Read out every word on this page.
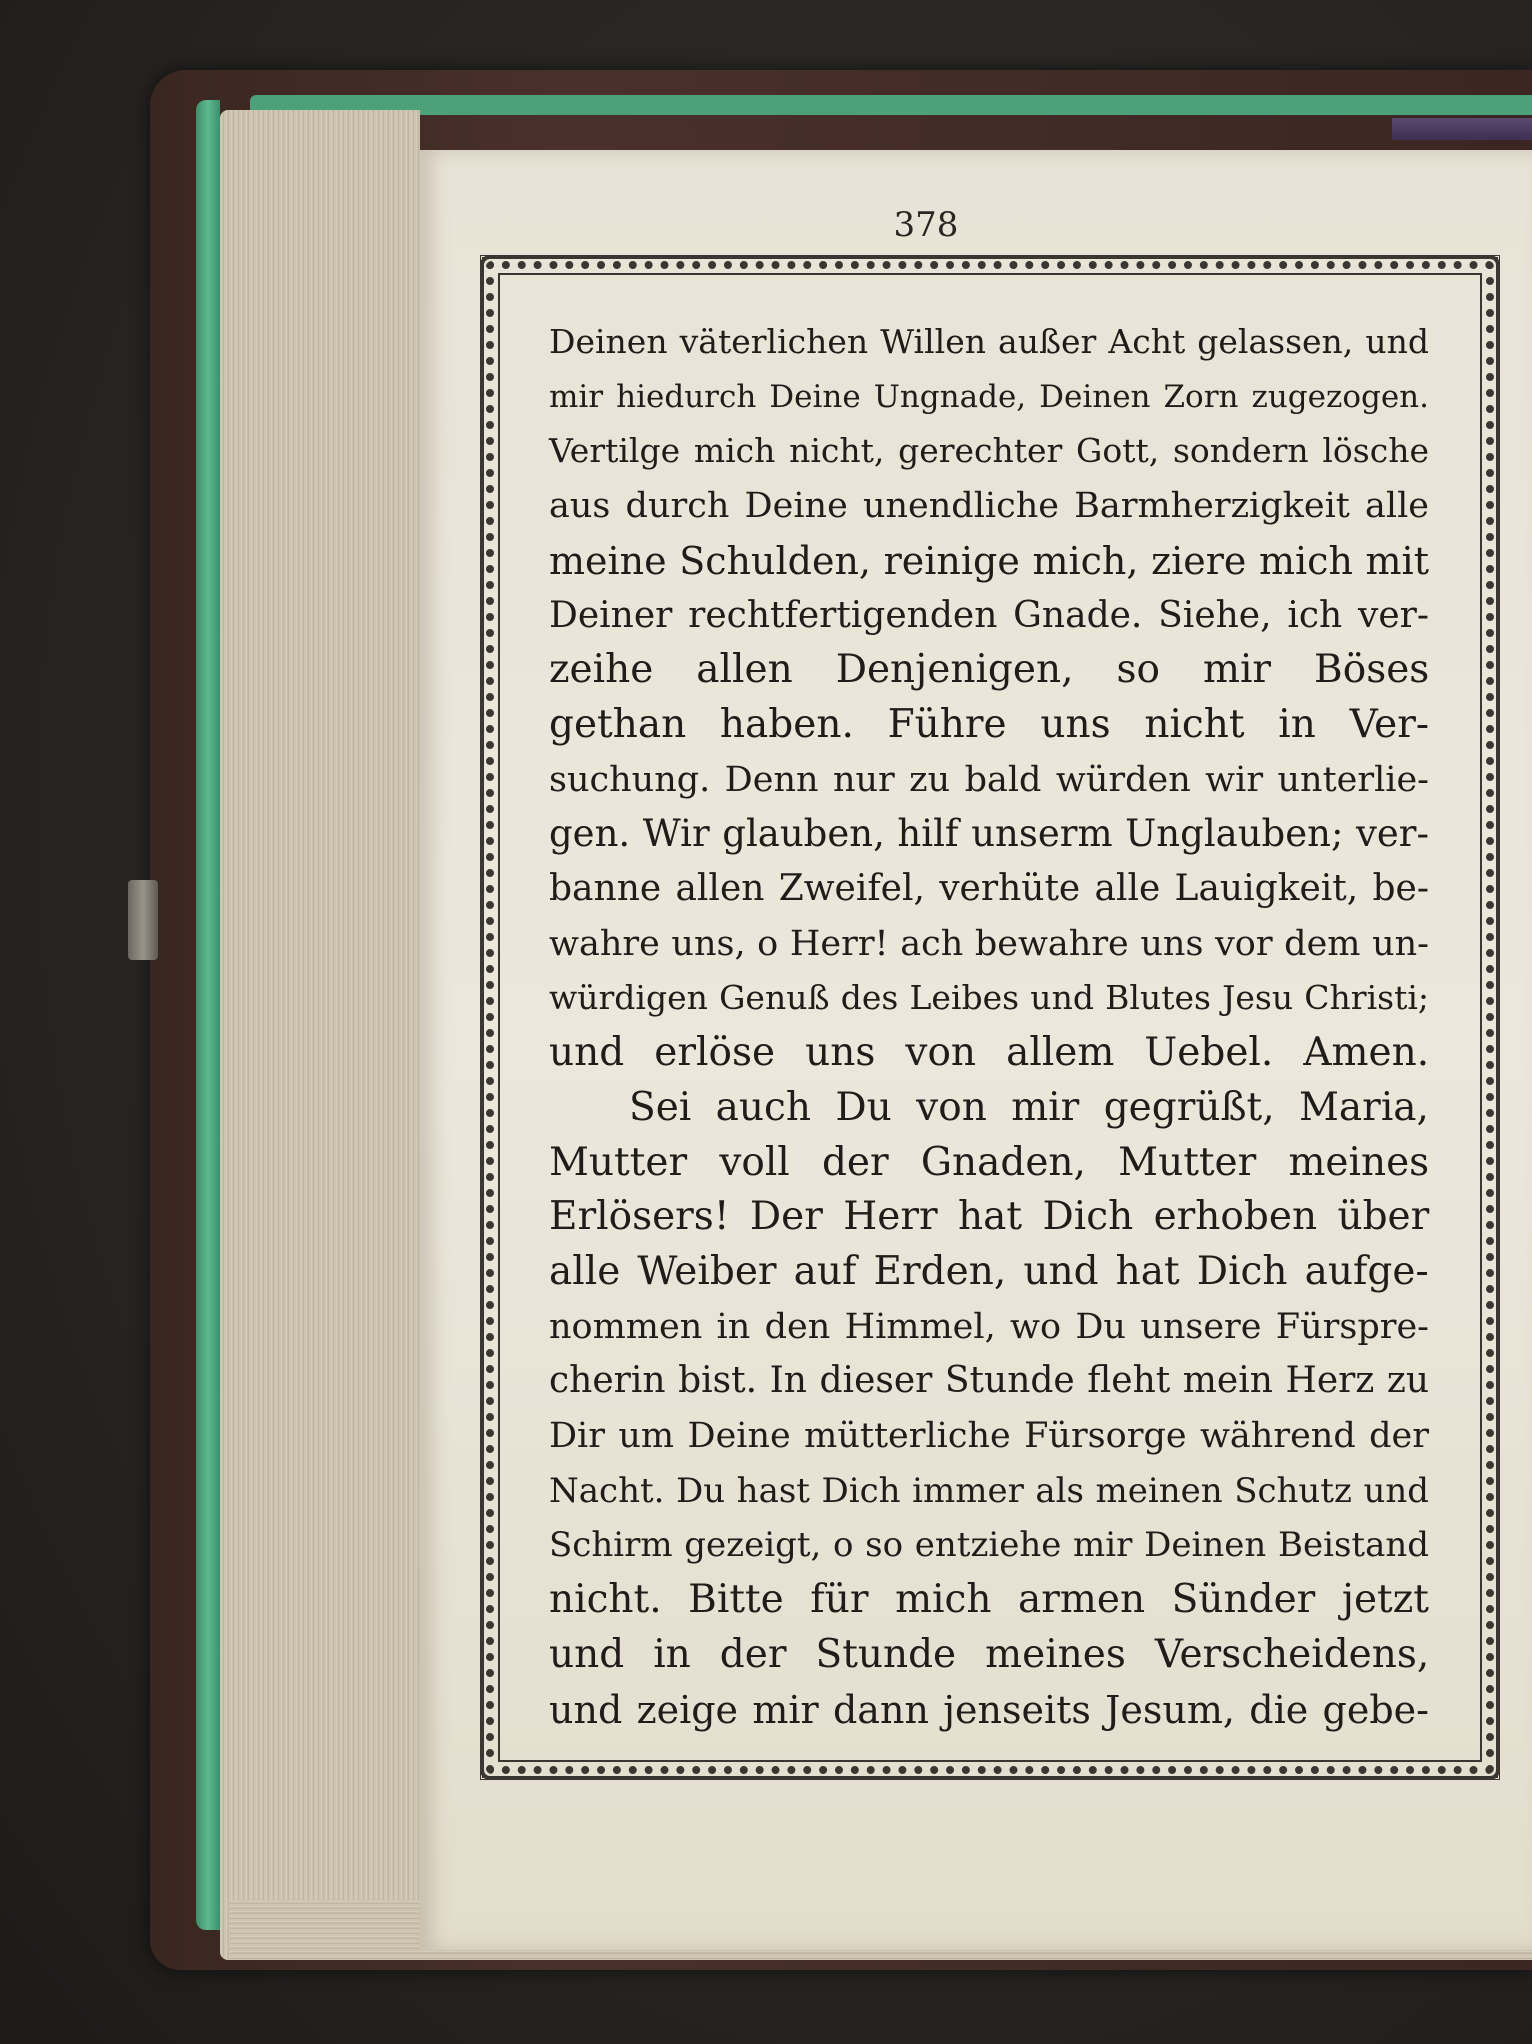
378
Deinen väterlichen Willen außer Acht gelassen, und
mir hiedurch Deine Ungnade, Deinen Zorn zugezogen.
Vertilge mich nicht, gerechter Gott, sondern lösche
aus durch Deine unendliche Barmherzigkeit alle
meine Schulden, reinige mich, ziere mich mit
Deiner rechtfertigenden Gnade. Siehe, ich ver-
zeihe allen Denjenigen, so mir Böses
gethan haben. Führe uns nicht in Ver-
suchung. Denn nur zu bald würden wir unterlie-
gen. Wir glauben, hilf unserm Unglauben; ver-
banne allen Zweifel, verhüte alle Lauigkeit, be-
wahre uns, o Herr! ach bewahre uns vor dem un-
würdigen Genuß des Leibes und Blutes Jesu Christi;
und erlöse uns von allem Uebel. Amen.
Sei auch Du von mir gegrüßt, Maria,
Mutter voll der Gnaden, Mutter meines
Erlösers! Der Herr hat Dich erhoben über
alle Weiber auf Erden, und hat Dich aufge-
nommen in den Himmel, wo Du unsere Fürspre-
cherin bist. In dieser Stunde fleht mein Herz zu
Dir um Deine mütterliche Fürsorge während der
Nacht. Du hast Dich immer als meinen Schutz und
Schirm gezeigt, o so entziehe mir Deinen Beistand
nicht. Bitte für mich armen Sünder jetzt
und in der Stunde meines Verscheidens,
und zeige mir dann jenseits Jesum, die gebe-
